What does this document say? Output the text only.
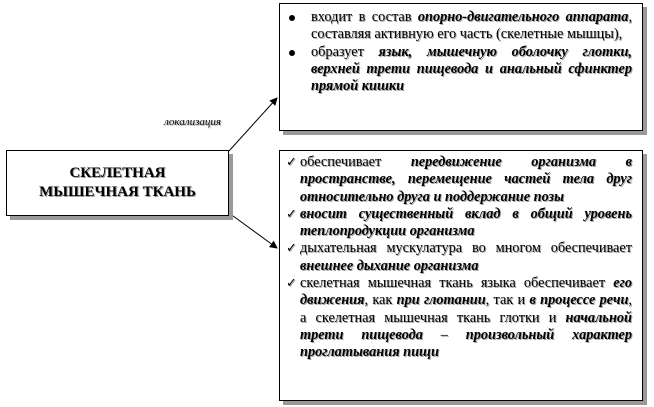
локализация
СКЕЛЕТНАЯ
МЫШЕЧНАЯ ТКАНЬ
входит в состав опорно-двигательного аппарата, составляя активную его часть (скелетные мышцы),
образует язык, мышечную оболочку глотки, верхней трети пищевода и анальный сфинктер прямой кишки
✓ обеспечивает передвижение организма в пространстве, перемещение частей тела друг относительно друга и поддержание позы
✓ вносит существенный вклад в общий уровень теплопродукции организма
✓ дыхательная мускулатура во многом обеспечивает внешнее дыхание организма
✓ скелетная мышечная ткань языка обеспечивает его движения, как при глотании, так и в процессе речи, а скелетная мышечная ткань глотки и начальной трети пищевода – произвольный характер проглатывания пищи
